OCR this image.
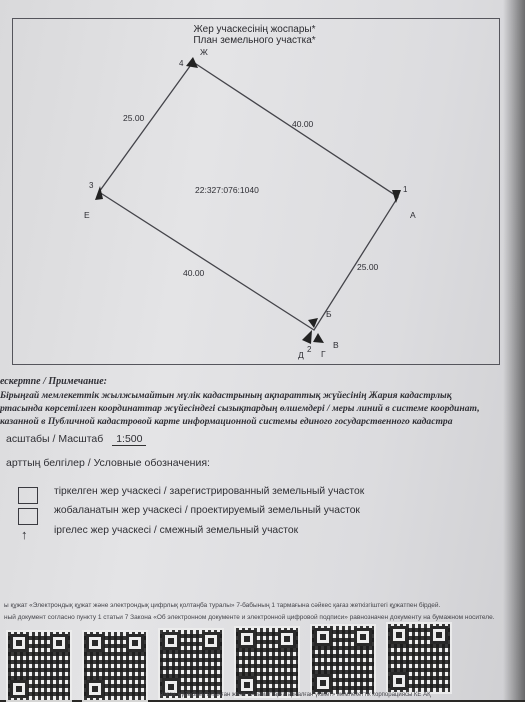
Жер учаскесінің жоспары*
План земельного участка*
4
3	1
2
Ж
Е	А
Б
В
Г
Д
25.00
40.00
25.00
40.00
22:327:076:1040
ескертпе / Примечание:
Бірыңғай мемлекеттік жылжымайтын мүлік кадастрының ақпараттық жүйесінің Жария кадастрлық
ртасында көрсетілген координаттар жүйесіндегі сызықтардың өлшемдері / меры линий в системе координат,
казанной в Публичной кадастровой карте информационной системы единого государственного кадастра
асштабы / Масштаб 1:500
арттың белгілер / Условные обозначения:
тіркелген жер учаскесі / зарегистрированный земельный участок
жобаланатын жер учаскесі / проектируемый земельный участок
↑	іргелес жер учаскесі / смежный земельный участок
ы құжат «Электрондық құжат және электрондық цифрлық қолтаңба туралы» 7-бабының 1 тармағына сәйкес қағаз жеткізгіштегі құжатпен бірдей.
ный документ согласно пункту 1 статьи 7 Закона «Об электронном документе и электронной цифровой подписи» равнозначен документу на бумажном носителе.
ялған жүйесінен алынған және «Азаматтарға арналған үкімет» мемлекеттік корпорациясы КЕ АҚ
